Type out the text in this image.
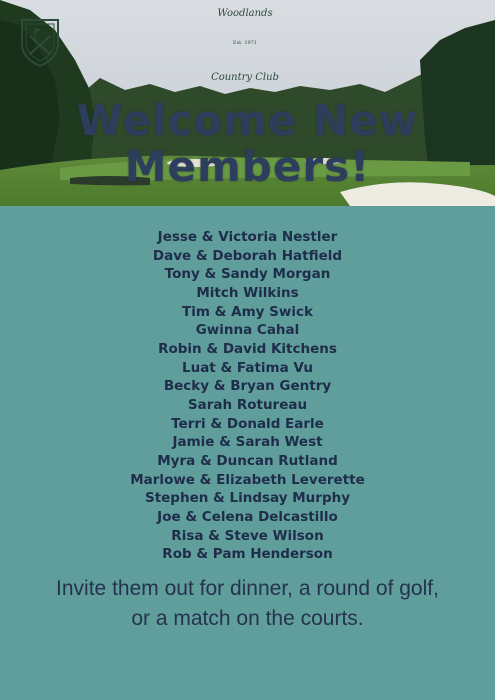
Woodlands
Est. 1971
Country Club
Welcome New
Members!
Jesse & Victoria Nestler
Dave & Deborah Hatfield
Tony & Sandy Morgan
Mitch Wilkins
Tim & Amy Swick
Gwinna Cahal
Robin & David Kitchens
Luat & Fatima Vu
Becky & Bryan Gentry
Sarah Rotureau
Terri & Donald Earle
Jamie & Sarah West
Myra & Duncan Rutland
Marlowe & Elizabeth Leverette
Stephen & Lindsay Murphy
Joe & Celena Delcastillo
Risa & Steve Wilson
Rob & Pam Henderson
Invite them out for dinner, a round of golf,
or a match on the courts.
